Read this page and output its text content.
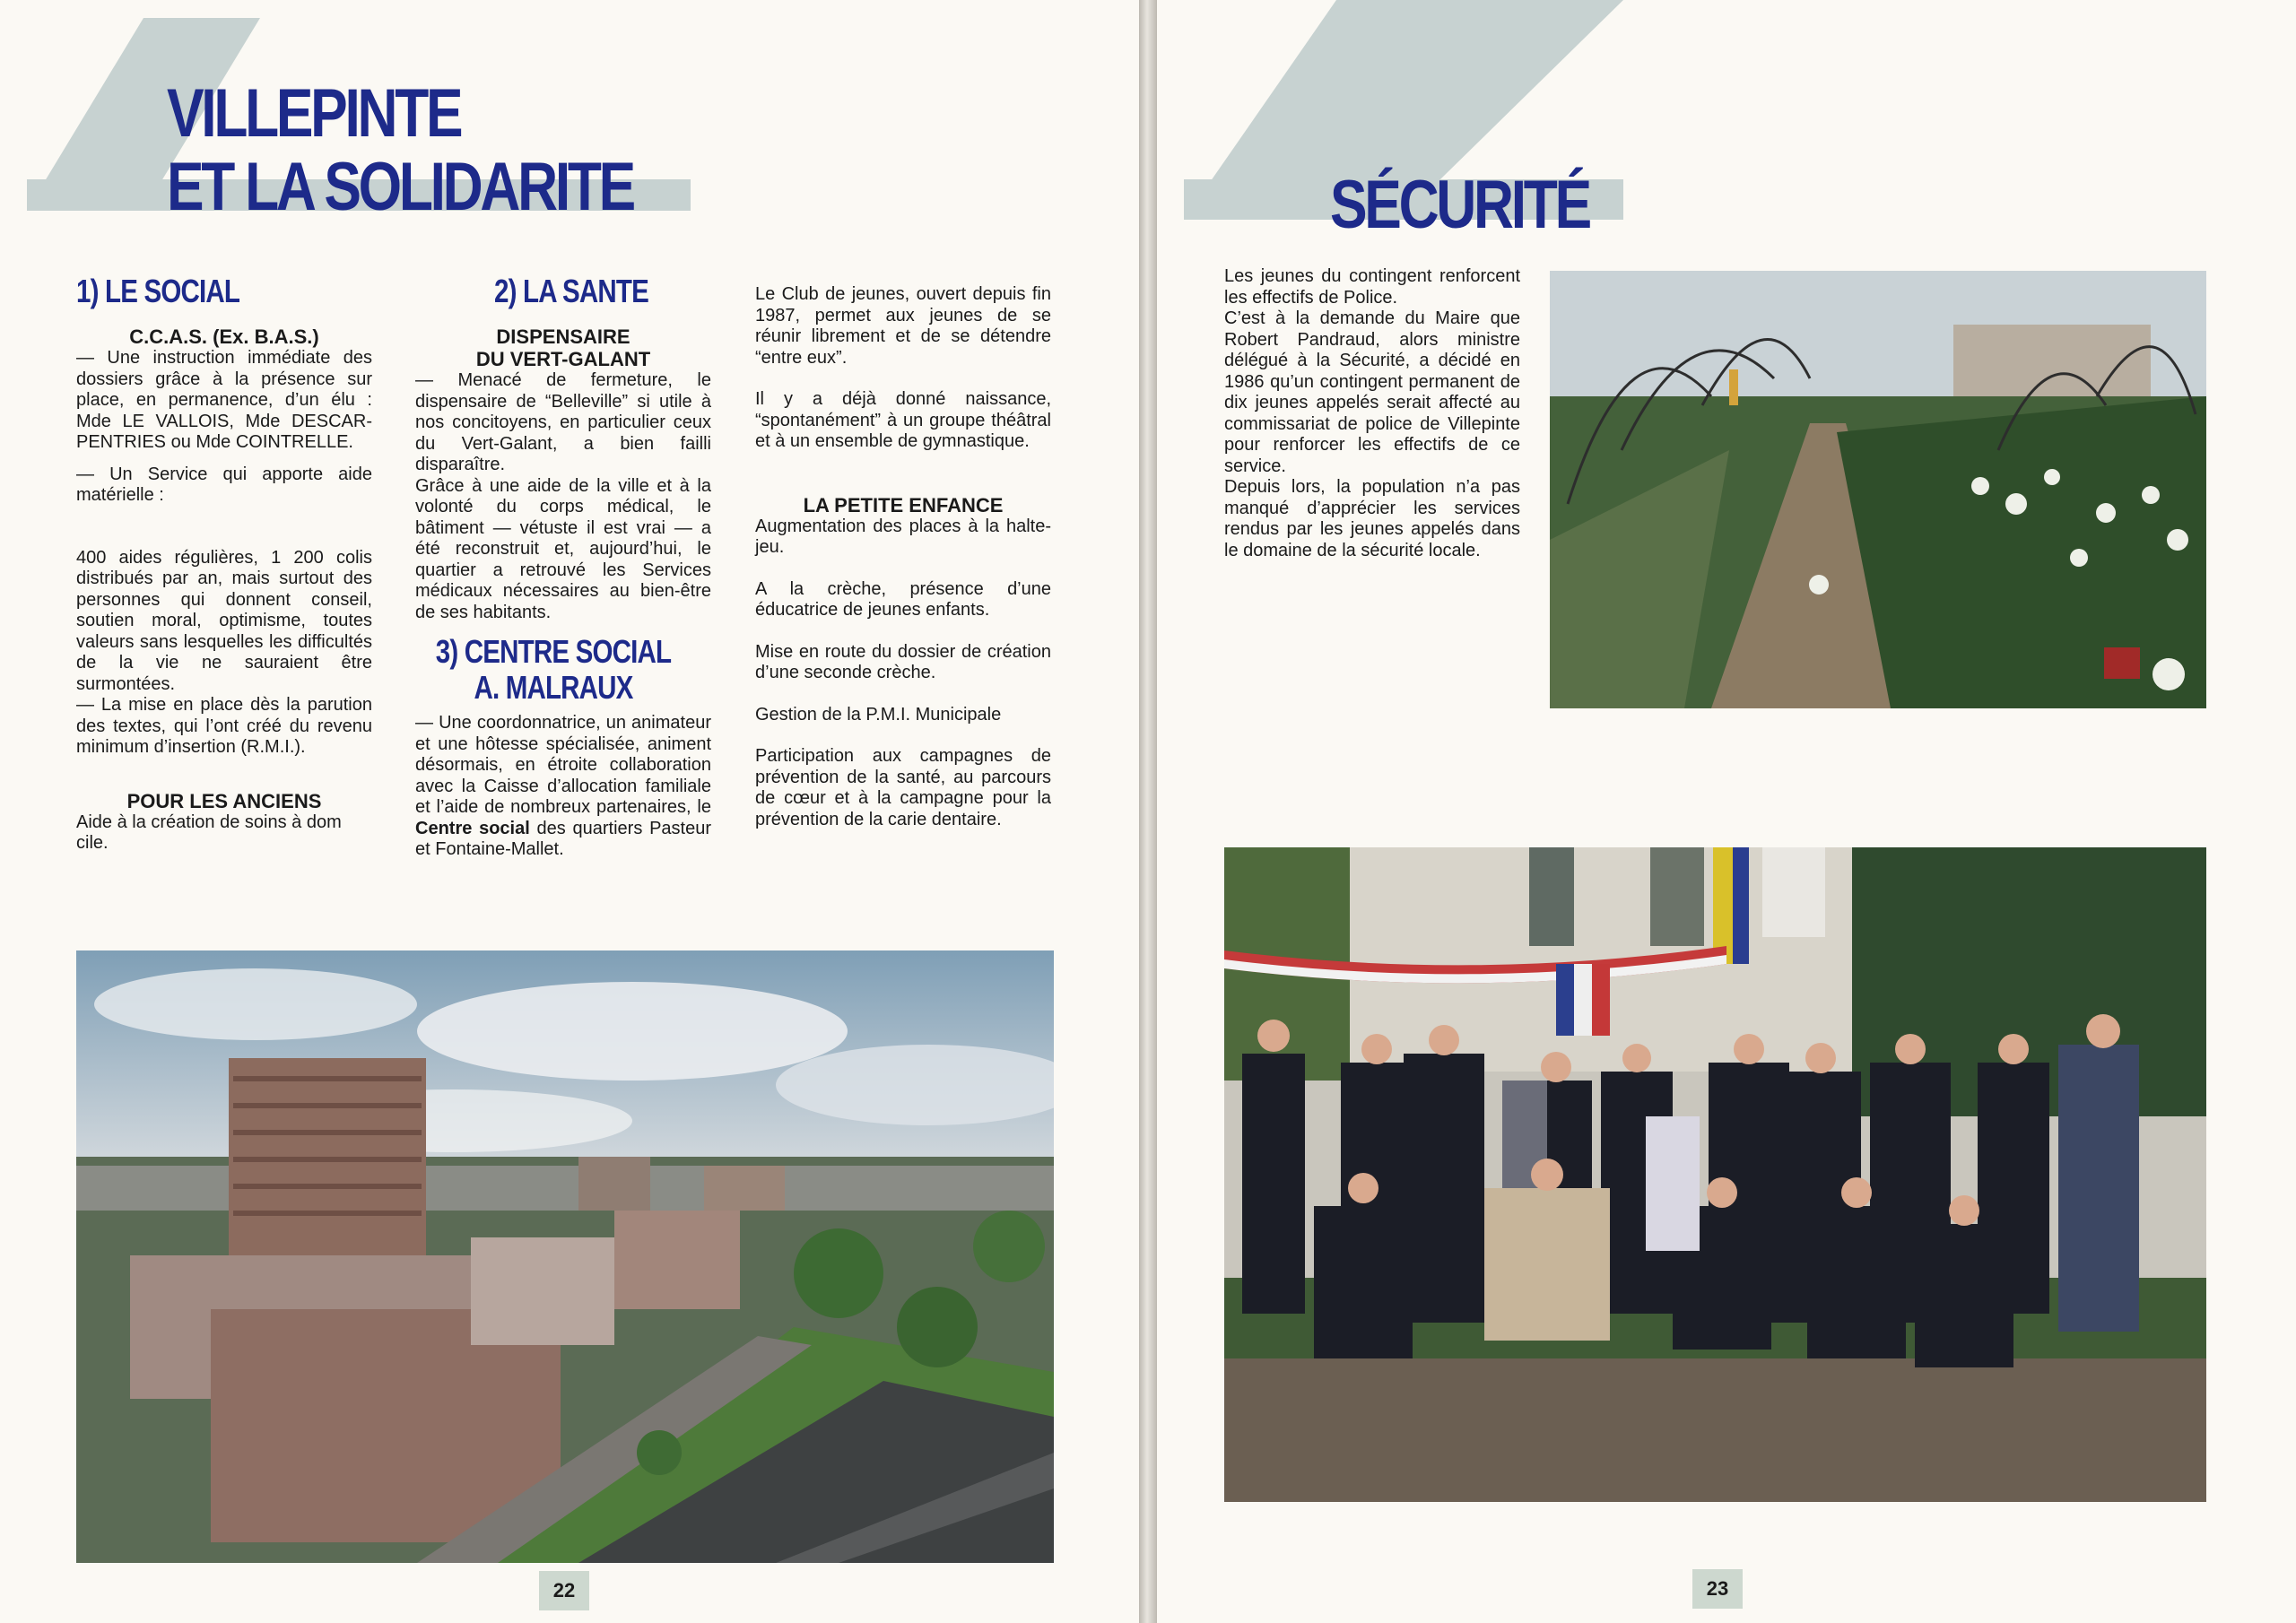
VILLEPINTE
ET LA SOLIDARITE
1) LE SOCIAL

C.C.A.S. (Ex. B.A.S.)

— Une instruction immédiate des dossiers grâce à la présence sur place, en permanence, d’un élu : Mde LE VALLOIS, Mde DESCAR-PENTRIES ou Mde COINTRELLE.

— Un Service qui apporte aide matérielle :

400 aides régulières, 1 200 colis distribués par an, mais surtout des personnes qui donnent conseil, soutien moral, optimisme, toutes valeurs sans lesquelles les difficultés de la vie ne sauraient être surmontées.

— La mise en place dès la parution des textes, qui l’ont créé du revenu minimum d’insertion (R.M.I.).

POUR LES ANCIENS

Aide à la création de soins à dom cile.

2) LA SANTE

DISPENSAIRE
DU VERT-GALANT

— Menacé de fermeture, le dispensaire de “Belleville” si utile à nos concitoyens, en particulier ceux du Vert-Galant, a bien failli disparaître.

Grâce à une aide de la ville et à la volonté du corps médical, le bâtiment — vétuste il est vrai — a été reconstruit et, aujourd’hui, le quartier a retrouvé les Services médicaux nécessaires au bien-être de ses habitants.

3) CENTRE SOCIAL
A. MALRAUX

— Une coordonnatrice, un animateur et une hôtesse spécialisée, animent désormais, en étroite collaboration avec la Caisse d’allocation familiale et l’aide de nombreux partenaires, le Centre social des quartiers Pasteur et Fontaine-Mallet.

Le Club de jeunes, ouvert depuis fin 1987, permet aux jeunes de se réunir librement et de se détendre “entre eux”.

Il y a déjà donné naissance, “spontanément” à un groupe théâtral et à un ensemble de gymnastique.

LA PETITE ENFANCE

Augmentation des places à la halte-jeu.

A la crèche, présence d’une éducatrice de jeunes enfants.

Mise en route du dossier de création d’une seconde crèche.

Gestion de la P.M.I. Municipale

Participation aux campagnes de prévention de la santé, au parcours de cœur et à la campagne pour la prévention de la carie dentaire.

22
SÉCURITÉ

Les jeunes du contingent renforcent les effectifs de Police.

C’est à la demande du Maire que Robert Pandraud, alors ministre délégué à la Sécurité, a décidé en 1986 qu’un contingent permanent de dix jeunes appelés serait affecté au commissariat de police de Villepinte pour renforcer les effectifs de ce service.

Depuis lors, la population n’a pas manqué d’apprécier les services rendus par les jeunes appelés dans le domaine de la sécurité locale.

23
